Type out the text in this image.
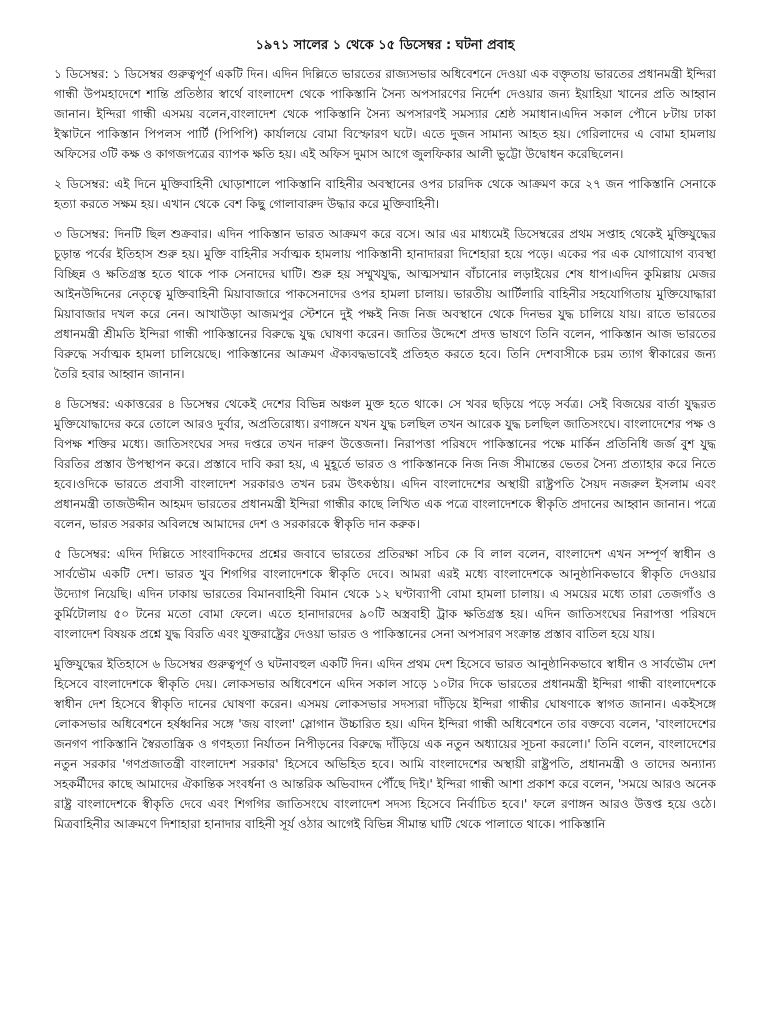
১৯৭১ সালের ১ থেকে ১৫ ডিসেম্বর : ঘটনা প্রবাহ

১ ডিসেম্বর: ১ ডিসেম্বর গুরুত্বপূর্ণ একটি দিন। এদিন দিল্লিতে ভারতের রাজ্যসভার অধিবেশনে দেওয়া এক বক্তৃতায় ভারতের প্রধানমন্ত্রী ইন্দিরা গান্ধী উপমহাদেশে শান্তি প্রতিষ্ঠার স্বার্থে বাংলাদেশ থেকে পাকিস্তানি সৈন্য অপসারণের নির্দেশ দেওয়ার জন্য ইয়াহিয়া খানের প্রতি আহ্বান জানান। ইন্দিরা গান্ধী এসময় বলেন,বাংলাদেশ থেকে পাকিস্তানি সৈন্য অপসারণই সমস্যার শ্রেষ্ঠ সমাধান।এদিন সকাল পৌনে ৮টায় ঢাকা ইস্কাটনে পাকিস্তান পিপলস পার্টি (পিপিপি) কার্যালয়ে বোমা বিস্ফোরণ ঘটে। এতে দুজন সামান্য আহত হয়। গেরিলাদের এ বোমা হামলায় অফিসের ৩টি কক্ষ ও কাগজপত্রের ব্যাপক ক্ষতি হয়। এই অফিস দুমাস আগে জুলফিকার আলী ভুট্টো উদ্বোধন করেছিলেন।

২ ডিসেম্বর: এই দিনে মুক্তিবাহিনী ঘোড়াশালে পাকিস্তানি বাহিনীর অবস্থানের ওপর চারদিক থেকে আক্রমণ করে ২৭ জন পাকিস্তানি সেনাকে হত্যা করতে সক্ষম হয়। এখান থেকে বেশ কিছু গোলাবারুদ উদ্ধার করে মুক্তিবাহিনী।

৩ ডিসেম্বর: দিনটি ছিল শুক্রবার। এদিন পাকিস্তান ভারত আক্রমণ করে বসে। আর এর মাধ্যমেই ডিসেম্বরের প্রথম সপ্তাহ থেকেই মুক্তিযুদ্ধের চূড়ান্ত পর্বের ইতিহাস শুরু হয়। মুক্তি বাহিনীর সর্বাত্মক হামলায় পাকিস্তানী হানাদাররা দিশেহারা হয়ে পড়ে। একের পর এক যোগাযোগ ব্যবস্থা বিচ্ছিন্ন ও ক্ষতিগ্রস্ত হতে থাকে পাক সেনাদের ঘাটি। শুরু হয় সম্মুখযুদ্ধ, আত্মসম্মান বাঁচানোর লড়াইয়ের শেষ ধাপ।এদিন কুমিল্লায় মেজর আইনউদ্দিনের নেতৃত্বে মুক্তিবাহিনী মিয়াবাজারে পাকসেনাদের ওপর হামলা চালায়। ভারতীয় আর্টিলারি বাহিনীর সহযোগিতায় মুক্তিযোদ্ধারা মিয়াবাজার দখল করে নেন। আখাউড়া আজমপুর স্টেশনে দুই পক্ষই নিজ নিজ অবস্থানে থেকে দিনভর যুদ্ধ চালিয়ে যায়। রাতে ভারতের প্রধানমন্ত্রী শ্রীমতি ইন্দিরা গান্ধী পাকিস্তানের বিরুদ্ধে যুদ্ধ ঘোষণা করেন। জাতির উদ্দেশে প্রদত্ত ভাষণে তিনি বলেন, পাকিস্তান আজ ভারতের বিরুদ্ধে সর্বাত্মক হামলা চালিয়েছে। পাকিস্তানের আক্রমণ ঐক্যবদ্ধভাবেই প্রতিহত করতে হবে। তিনি দেশবাসীকে চরম ত্যাগ স্বীকারের জন্য তৈরি হবার আহ্বান জানান।

৪ ডিসেম্বর: একাত্তরের ৪ ডিসেম্বর থেকেই দেশের বিভিন্ন অঞ্চল মুক্ত হতে থাকে। সে খবর ছড়িয়ে পড়ে সর্বত্র। সেই বিজয়ের বার্তা যুদ্ধরত মুক্তিযোদ্ধাদের করে তোলে আরও দুর্বার, অপ্রতিরোধ্য। রণাঙ্গনে যখন যুদ্ধ চলছিল তখন আরেক যুদ্ধ চলছিল জাতিসংঘে। বাংলাদেশের পক্ষ ও বিপক্ষ শক্তির মধ্যে। জাতিসংঘের সদর দপ্তরে তখন দারুণ উত্তেজনা। নিরাপত্তা পরিষদে পাকিস্তানের পক্ষে মার্কিন প্রতিনিধি জর্জ বুশ যুদ্ধ বিরতির প্রস্তাব উপস্থাপন করে। প্রস্তাবে দাবি করা হয়, এ মুহূর্তে ভারত ও পাকিস্তানকে নিজ নিজ সীমান্তের ভেতর সৈন্য প্রত্যাহার করে নিতে হবে।ওদিকে ভারতে প্রবাসী বাংলাদেশ সরকারও তখন চরম উৎকণ্ঠায়। এদিন বাংলাদেশের অস্থায়ী রাষ্ট্রপতি সৈয়দ নজরুল ইসলাম এবং প্রধানমন্ত্রী তাজউদ্দীন আহমদ ভারতের প্রধানমন্ত্রী ইন্দিরা গান্ধীর কাছে লিখিত এক পত্রে বাংলাদেশকে স্বীকৃতি প্রদানের আহ্বান জানান। পত্রে বলেন, ভারত সরকার অবিলম্বে আমাদের দেশ ও সরকারকে স্বীকৃতি দান করুক।

৫ ডিসেম্বর: এদিন দিল্লিতে সাংবাদিকদের প্রশ্নের জবাবে ভারতের প্রতিরক্ষা সচিব কে বি লাল বলেন, বাংলাদেশ এখন সম্পূর্ণ স্বাধীন ও সার্বভৌম একটি দেশ। ভারত খুব শিগগির বাংলাদেশকে স্বীকৃতি দেবে। আমরা এরই মধ্যে বাংলাদেশকে আনুষ্ঠানিকভাবে স্বীকৃতি দেওয়ার উদ্যোগ নিয়েছি। এদিন ঢাকায় ভারতের বিমানবাহিনী বিমান থেকে ১২ ঘণ্টাব্যাপী বোমা হামলা চালায়। এ সময়ের মধ্যে তারা তেজগাঁও ও কুর্মিটোলায় ৫০ টনের মতো বোমা ফেলে। এতে হানাদারদের ৯০টি অস্ত্রবাহী ট্রাক ক্ষতিগ্রস্ত হয়। এদিন জাতিসংঘের নিরাপত্তা পরিষদে বাংলাদেশ বিষয়ক প্রশ্নে যুদ্ধ বিরতি এবং যুক্তরাষ্ট্রের দেওয়া ভারত ও পাকিস্তানের সেনা অপসারণ সংক্রান্ত প্রস্তাব বাতিল হয়ে যায়।

মুক্তিযুদ্ধের ইতিহাসে ৬ ডিসেম্বর গুরুত্বপূর্ণ ও ঘটনাবহুল একটি দিন। এদিন প্রথম দেশ হিসেবে ভারত আনুষ্ঠানিকভাবে স্বাধীন ও সার্বভৌম দেশ হিসেবে বাংলাদেশকে স্বীকৃতি দেয়। লোকসভার অধিবেশনে এদিন সকাল সাড়ে ১০টার দিকে ভারতের প্রধানমন্ত্রী ইন্দিরা গান্ধী বাংলাদেশকে স্বাধীন দেশ হিসেবে স্বীকৃতি দানের ঘোষণা করেন। এসময় লোকসভার সদস্যরা দাঁড়িয়ে ইন্দিরা গান্ধীর ঘোষণাকে স্বাগত জানান। একইসঙ্গে লোকসভার অধিবেশনে হর্ষধ্বনির সঙ্গে 'জয় বাংলা' স্লোগান উচ্চারিত হয়। এদিন ইন্দিরা গান্ধী অধিবেশনে তার বক্তব্যে বলেন, 'বাংলাদেশের জনগণ পাকিস্তানি স্বৈরতান্ত্রিক ও গণহত্যা নির্যাতন নিপীড়নের বিরুদ্ধে দাঁড়িয়ে এক নতুন অধ্যায়ের সূচনা করলো।' তিনি বলেন, বাংলাদেশের নতুন সরকার 'গণপ্রজাতন্ত্রী বাংলাদেশ সরকার' হিসেবে অভিহিত হবে। আমি বাংলাদেশের অস্থায়ী রাষ্ট্রপতি, প্রধানমন্ত্রী ও তাদের অন্যান্য সহকর্মীদের কাছে আমাদের ঐকান্তিক সংবর্ধনা ও আন্তরিক অভিবাদন পৌঁছে দিই।' ইন্দিরা গান্ধী আশা প্রকাশ করে বলেন, 'সময়ে আরও অনেক রাষ্ট্র বাংলাদেশকে স্বীকৃতি দেবে এবং শিগগির জাতিসংঘে বাংলাদেশ সদস্য হিসেবে নির্বাচিত হবে।' ফলে রণাঙ্গন আরও উত্তপ্ত হয়ে ওঠে। মিত্রবাহিনীর আক্রমণে দিশাহারা হানাদার বাহিনী সূর্য ওঠার আগেই বিভিন্ন সীমান্ত ঘাটি থেকে পালাতে থাকে। পাকিস্তানি
